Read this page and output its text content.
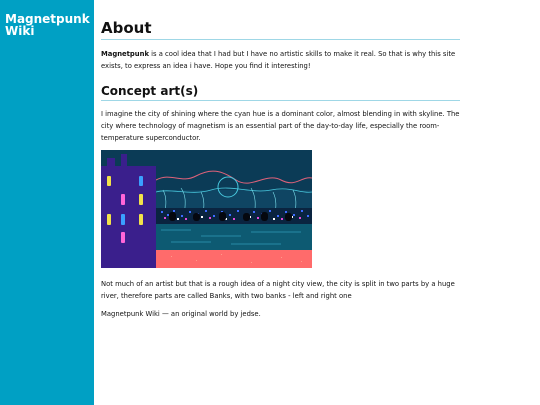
Magnetpunk Wiki	About

Magnetpunk is a cool idea that I had but I have no artistic skills to make it real. So that is why this site exists, to express an idea i have. Hope you find it interesting!

Concept art(s)

I imagine the city of shining where the cyan hue is a dominant color, almost blending in with skyline. The city where technology of magnetism is an essential part of the day-to-day life, especially the room-temperature superconductor.

Not much of an artist but that is a rough idea of a night city view, the city is split in two parts by a huge river, therefore parts are called Banks, with two banks - left and right one

Magnetpunk Wiki — an original world by jedse.
